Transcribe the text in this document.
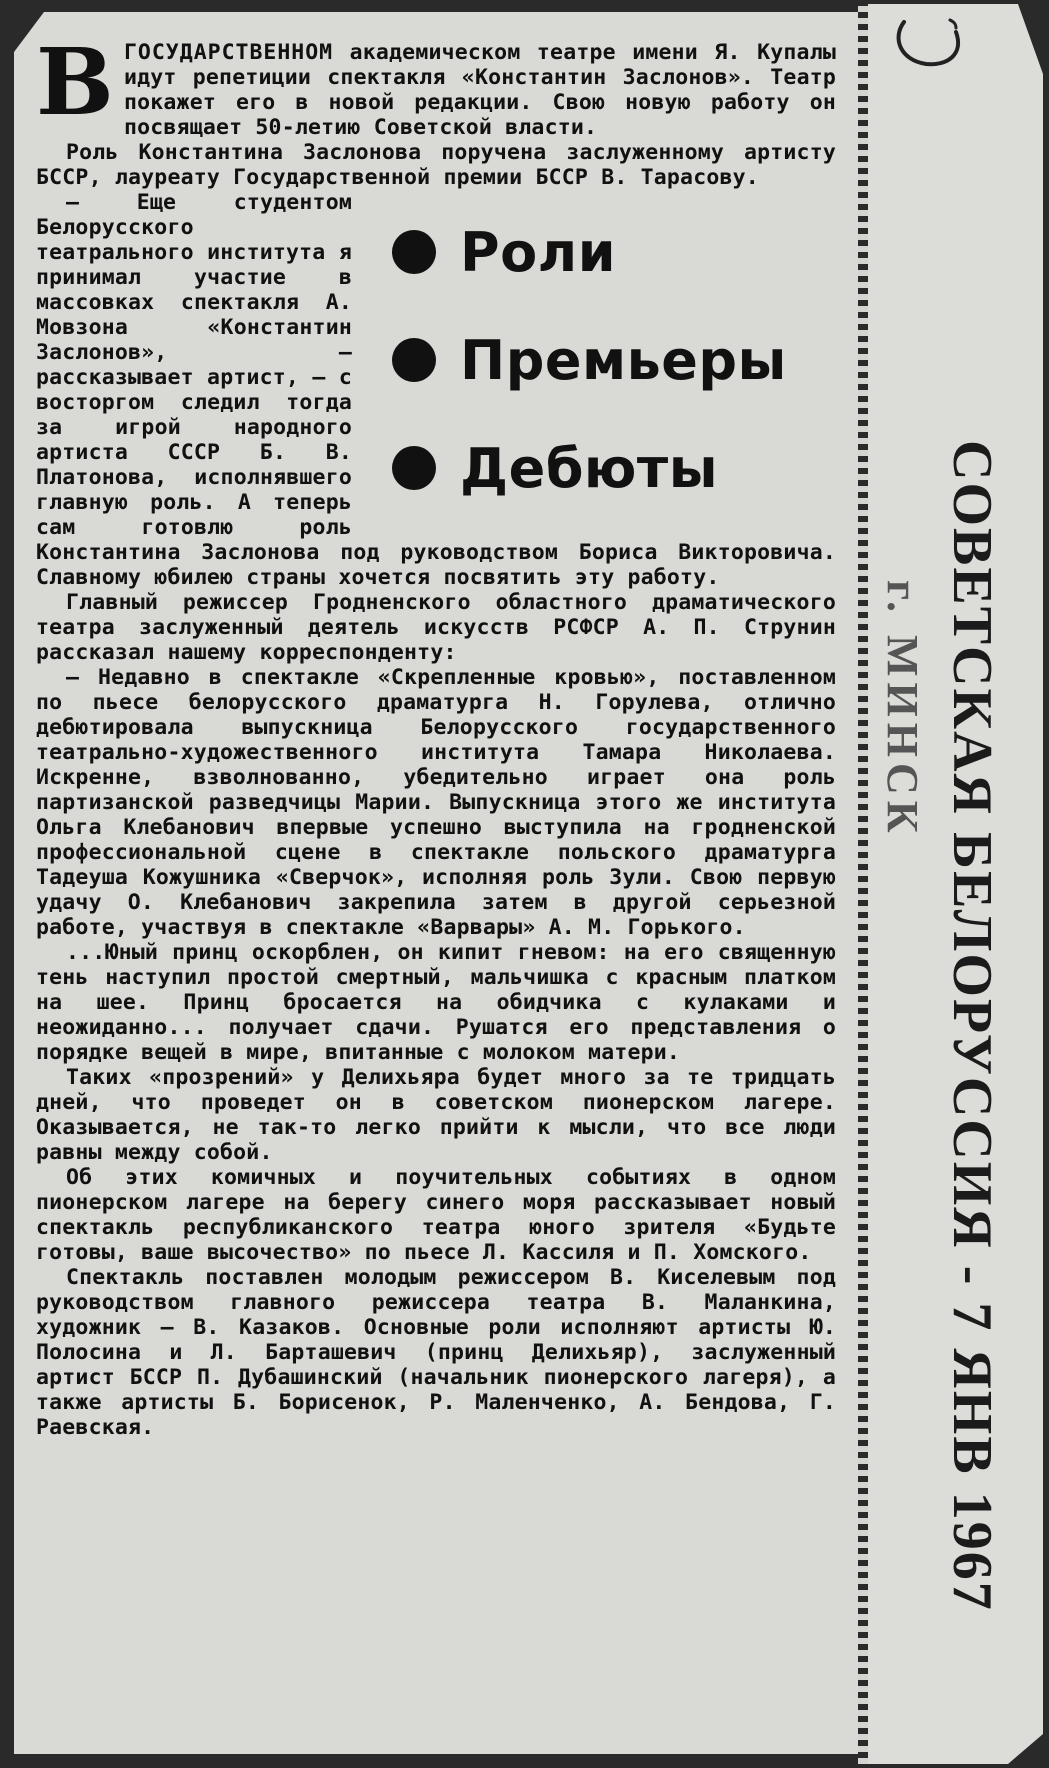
В ГОСУДАРСТВЕННОМ академическом театре имени Я. Купалы идут репетиции спектакля «Константин Заслонов». Театр покажет его в новой редакции. Свою новую работу он посвящает 50-летию Советской власти.

Роль Константина Заслонова поручена заслуженному артисту БССР, лауреату Государственной премии БССР В. Тарасову.

Роли
Премьеры
Дебюты

— Еще студентом Белорусского театрального института я принимал участие в массовках спектакля А. Мовзона «Константин Заслонов», — рассказывает артист, — с восторгом следил тогда за игрой народного артиста СССР Б. В. Платонова, исполнявшего главную роль. А теперь сам готовлю роль Константина Заслонова под руководством Бориса Викторовича. Славному юбилею страны хочется посвятить эту работу.

Главный режиссер Гродненского областного драматического театра заслуженный деятель искусств РСФСР А. П. Струнин рассказал нашему корреспонденту:

— Недавно в спектакле «Скрепленные кровью», поставленном по пьесе белорусского драматурга Н. Горулева, отлично дебютировала выпускница Белорусского государственного театрально-художественного института Тамара Николаева. Искренне, взволнованно, убедительно играет она роль партизанской разведчицы Марии. Выпускница этого же института Ольга Клебанович впервые успешно выступила на гродненской профессиональной сцене в спектакле польского драматурга Тадеуша Кожушника «Сверчок», исполняя роль Зули. Свою первую удачу О. Клебанович закрепила затем в другой серьезной работе, участвуя в спектакле «Варвары» А. М. Горького.

...Юный принц оскорблен, он кипит гневом: на его священную тень наступил простой смертный, мальчишка с красным платком на шее. Принц бросается на обидчика с кулаками и неожиданно... получает сдачи. Рушатся его представления о порядке вещей в мире, впитанные с молоком матери.

Таких «прозрений» у Делихьяра будет много за те тридцать дней, что проведет он в советском пионерском лагере. Оказывается, не так-то легко прийти к мысли, что все люди равны между собой.

Об этих комичных и поучительных событиях в одном пионерском лагере на берегу синего моря рассказывает новый спектакль республиканского театра юного зрителя «Будьте готовы, ваше высочество» по пьесе Л. Кассиля и П. Хомского.

Спектакль поставлен молодым режиссером В. Киселевым под руководством главного режиссера театра В. Маланкина, художник — В. Казаков. Основные роли исполняют артисты Ю. Полосина и Л. Барташевич (принц Делихьяр), заслуженный артист БССР П. Дубашинский (начальник пионерского лагеря), а также артисты Б. Борисенок, Р. Маленченко, А. Бендова, Г. Раевская.	СОВЕТСКАЯ БЕЛОРУССИЯ - 7 ЯНВ 1967
г. МИНСК
